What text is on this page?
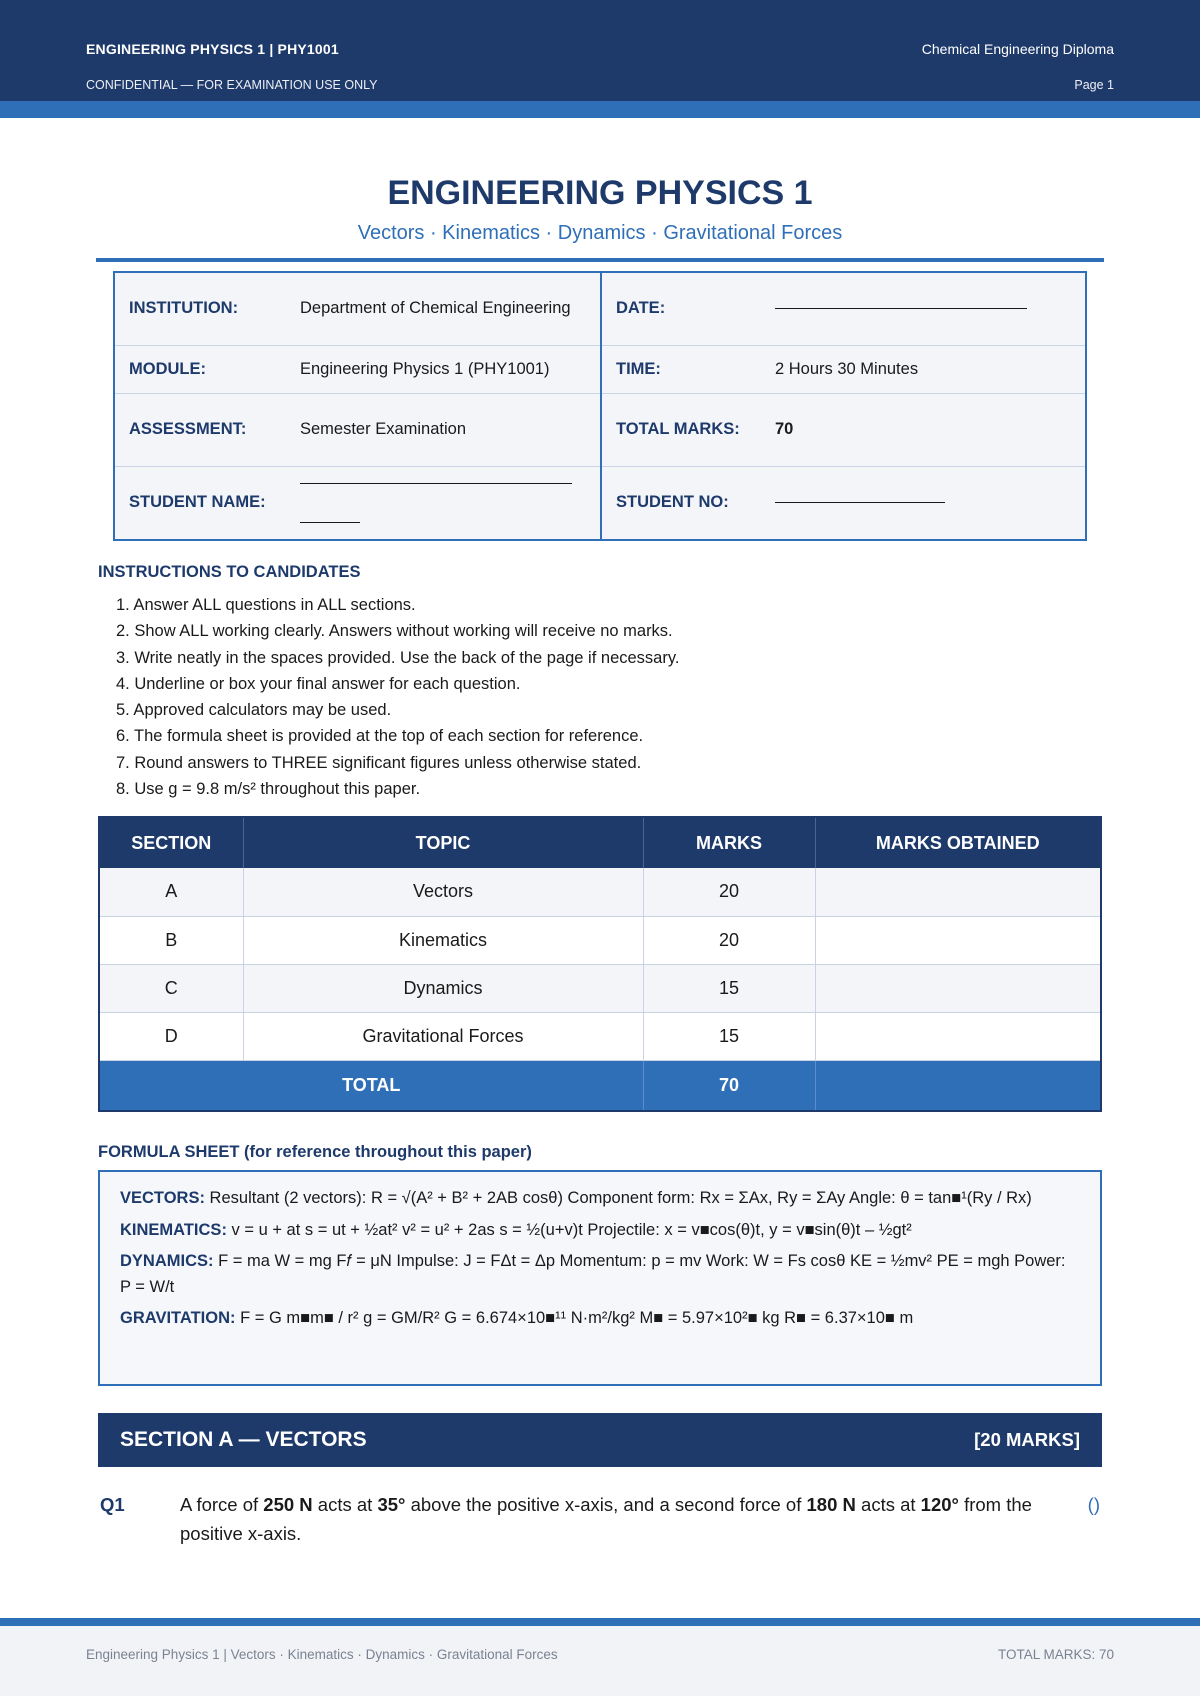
ENGINEERING PHYSICS 1 | PHY1001	Chemical Engineering Diploma
CONFIDENTIAL — FOR EXAMINATION USE ONLY	Page 1
ENGINEERING PHYSICS 1
Vectors · Kinematics · Dynamics · Gravitational Forces
INSTITUTION:	Department of Chemical Engineering	DATE:	
MODULE:	Engineering Physics 1 (PHY1001)	TIME:	2 Hours 30 Minutes
ASSESSMENT:	Semester Examination	TOTAL MARKS:	70
STUDENT NAME:		STUDENT NO:	
INSTRUCTIONS TO CANDIDATES
1. Answer ALL questions in ALL sections.
2. Show ALL working clearly. Answers without working will receive no marks.
3. Write neatly in the spaces provided. Use the back of the page if necessary.
4. Underline or box your final answer for each question.
5. Approved calculators may be used.
6. The formula sheet is provided at the top of each section for reference.
7. Round answers to THREE significant figures unless otherwise stated.
8. Use g = 9.8 m/s² throughout this paper.
SECTION	TOPIC	MARKS	MARKS OBTAINED
A	Vectors	20	
B	Kinematics	20	
C	Dynamics	15	
D	Gravitational Forces	15	
TOTAL		70	
FORMULA SHEET (for reference throughout this paper)

VECTORS: Resultant (2 vectors): R = √(A² + B² + 2AB cosθ) Component form: Rx = ΣAx, Ry = ΣAy Angle: θ = tan■¹(Ry / Rx)

KINEMATICS: v = u + at s = ut + ½at² v² = u² + 2as s = ½(u+v)t Projectile: x = v■cos(θ)t, y = v■sin(θ)t – ½gt²

DYNAMICS: F = ma W = mg F𝑓 = μN Impulse: J = FΔt = Δp Momentum: p = mv Work: W = Fs cosθ KE = ½mv² PE = mgh Power: P = W/t

GRAVITATION: F = G m■m■ / r² g = GM/R² G = 6.674×10■¹¹ N·m²/kg² M■ = 5.97×10²■ kg R■ = 6.37×10■ m

SECTION A — VECTORS	[20 MARKS]
Q1	A force of 250 N acts at 35° above the positive x-axis, and a second force of 180 N acts at 120° from the positive x-axis.
()
Engineering Physics 1 | Vectors · Kinematics · Dynamics · Gravitational Forces	TOTAL MARKS: 70
